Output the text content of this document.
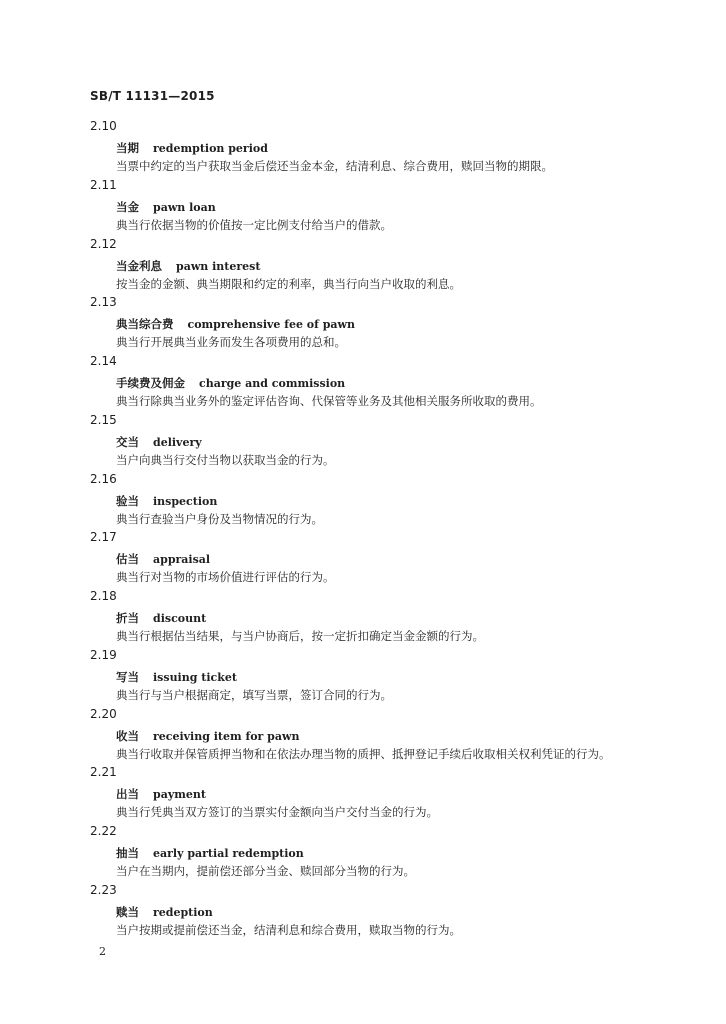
SB/T 11131—2015
2.10
当期 redemption period
当票中约定的当户获取当金后偿还当金本金，结清利息、综合费用，赎回当物的期限。
2.11
当金 pawn loan
典当行依据当物的价值按一定比例支付给当户的借款。
2.12
当金利息 pawn interest
按当金的金额、典当期限和约定的利率，典当行向当户收取的利息。
2.13
典当综合费 comprehensive fee of pawn
典当行开展典当业务而发生各项费用的总和。
2.14
手续费及佣金 charge and commission
典当行除典当业务外的鉴定评估咨询、代保管等业务及其他相关服务所收取的费用。
2.15
交当 delivery
当户向典当行交付当物以获取当金的行为。
2.16
验当 inspection
典当行查验当户身份及当物情况的行为。
2.17
估当 appraisal
典当行对当物的市场价值进行评估的行为。
2.18
折当 discount
典当行根据估当结果，与当户协商后，按一定折扣确定当金金额的行为。
2.19
写当 issuing ticket
典当行与当户根据商定，填写当票，签订合同的行为。
2.20
收当 receiving item for pawn
典当行收取并保管质押当物和在依法办理当物的质押、抵押登记手续后收取相关权利凭证的行为。
2.21
出当 payment
典当行凭典当双方签订的当票实付金额向当户交付当金的行为。
2.22
抽当 early partial redemption
当户在当期内，提前偿还部分当金、赎回部分当物的行为。
2.23
赎当 redeption
当户按期或提前偿还当金，结清利息和综合费用，赎取当物的行为。
2
